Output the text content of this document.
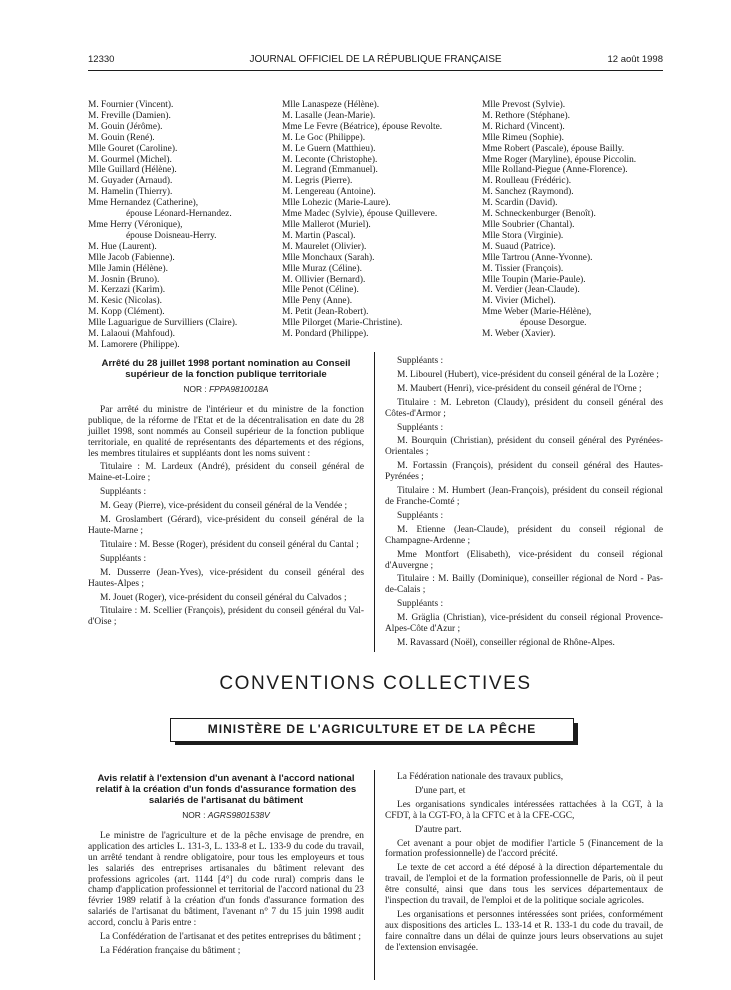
12330	JOURNAL OFFICIEL DE LA RÉPUBLIQUE FRANÇAISE	12 août 1998
M. Fournier (Vincent).
M. Freville (Damien).
M. Gouin (Jérôme).
M. Gouin (René).
Mlle Gouret (Caroline).
M. Gourmel (Michel).
Mlle Guillard (Hélène).
M. Guyader (Arnaud).
M. Hamelin (Thierry).
Mme Hernandez (Catherine),
épouse Léonard-Hernandez.
Mme Herry (Véronique),
épouse Doisneau-Herry.
M. Hue (Laurent).
Mlle Jacob (Fabienne).
Mlle Jamin (Hélène).
M. Josnin (Bruno).
M. Kerzazi (Karim).
M. Kesic (Nicolas).
M. Kopp (Clément).
Mlle Laguarigue de Survilliers (Claire).
M. Lalaoui (Mahfoud).
M. Lamorere (Philippe).
Mlle Lanaspeze (Hélène).
M. Lasalle (Jean-Marie).
Mme Le Fevre (Béatrice), épouse Revolte.
M. Le Goc (Philippe).
M. Le Guern (Matthieu).
M. Leconte (Christophe).
M. Legrand (Emmanuel).
M. Legris (Pierre).
M. Lengereau (Antoine).
Mlle Lohezic (Marie-Laure).
Mme Madec (Sylvie), épouse Quillevere.
Mlle Mallerot (Muriel).
M. Martin (Pascal).
M. Maurelet (Olivier).
Mlle Monchaux (Sarah).
Mlle Muraz (Céline).
M. Ollivier (Bernard).
Mlle Penot (Céline).
Mlle Peny (Anne).
M. Petit (Jean-Robert).
Mlle Pilorget (Marie-Christine).
M. Pondard (Philippe).
Mlle Prevost (Sylvie).
M. Rethore (Stéphane).
M. Richard (Vincent).
Mlle Rimeu (Sophie).
Mme Robert (Pascale), épouse Bailly.
Mme Roger (Maryline), épouse Piccolin.
Mlle Rolland-Piegue (Anne-Florence).
M. Roulleau (Frédéric).
M. Sanchez (Raymond).
M. Scardin (David).
M. Schneckenburger (Benoît).
Mlle Soubrier (Chantal).
Mlle Stora (Virginie).
M. Suaud (Patrice).
Mlle Tartrou (Anne-Yvonne).
M. Tissier (François).
Mlle Toupin (Marie-Paule).
M. Verdier (Jean-Claude).
M. Vivier (Michel).
Mme Weber (Marie-Hélène),
épouse Desorgue.
M. Weber (Xavier).
Arrêté du 28 juillet 1998 portant nomination au Conseil supérieur de la fonction publique territoriale
NOR : FPPA9810018A

Par arrêté du ministre de l'intérieur et du ministre de la fonction publique, de la réforme de l'Etat et de la décentralisation en date du 28 juillet 1998, sont nommés au Conseil supérieur de la fonction publique territoriale, en qualité de représentants des départements et des régions, les membres titulaires et suppléants dont les noms suivent :

Titulaire : M. Lardeux (André), président du conseil général de Maine-et-Loire ;

Suppléants :

M. Geay (Pierre), vice-président du conseil général de la Vendée ;

M. Groslambert (Gérard), vice-président du conseil général de la Haute-Marne ;

Titulaire : M. Besse (Roger), président du conseil général du Cantal ;

Suppléants :

M. Dusserre (Jean-Yves), vice-président du conseil général des Hautes-Alpes ;

M. Jouet (Roger), vice-président du conseil général du Calvados ;

Titulaire : M. Scellier (François), président du conseil général du Val-d'Oise ;

Suppléants :

M. Libourel (Hubert), vice-président du conseil général de la Lozère ;

M. Maubert (Henri), vice-président du conseil général de l'Orne ;

Titulaire : M. Lebreton (Claudy), président du conseil général des Côtes-d'Armor ;

Suppléants :

M. Bourquin (Christian), président du conseil général des Pyrénées-Orientales ;

M. Fortassin (François), président du conseil général des Hautes-Pyrénées ;

Titulaire : M. Humbert (Jean-François), président du conseil régional de Franche-Comté ;

Suppléants :

M. Etienne (Jean-Claude), président du conseil régional de Champagne-Ardenne ;

Mme Montfort (Elisabeth), vice-président du conseil régional d'Auvergne ;

Titulaire : M. Bailly (Dominique), conseiller régional de Nord - Pas-de-Calais ;

Suppléants :

M. Gräglia (Christian), vice-président du conseil régional Provence-Alpes-Côte d'Azur ;

M. Ravassard (Noël), conseiller régional de Rhône-Alpes.

CONVENTIONS COLLECTIVES
MINISTÈRE DE L'AGRICULTURE ET DE LA PÊCHE
Avis relatif à l'extension d'un avenant à l'accord national relatif à la création d'un fonds d'assurance formation des salariés de l'artisanat du bâtiment
NOR : AGRS9801538V

Le ministre de l'agriculture et de la pêche envisage de prendre, en application des articles L. 131-3, L. 133-8 et L. 133-9 du code du travail, un arrêté tendant à rendre obligatoire, pour tous les employeurs et tous les salariés des entreprises artisanales du bâtiment relevant des professions agricoles (art. 1144 [4°] du code rural) compris dans le champ d'application professionnel et territorial de l'accord national du 23 février 1989 relatif à la création d'un fonds d'assurance formation des salariés de l'artisanat du bâtiment, l'avenant n° 7 du 15 juin 1998 audit accord, conclu à Paris entre :

La Confédération de l'artisanat et des petites entreprises du bâtiment ;

La Fédération française du bâtiment ;

La Fédération nationale des travaux publics,

D'une part, et

Les organisations syndicales intéressées rattachées à la CGT, à la CFDT, à la CGT-FO, à la CFTC et à la CFE-CGC,

D'autre part.

Cet avenant a pour objet de modifier l'article 5 (Financement de la formation professionnelle) de l'accord précité.

Le texte de cet accord a été déposé à la direction départementale du travail, de l'emploi et de la formation professionnelle de Paris, où il peut être consulté, ainsi que dans tous les services départementaux de l'inspection du travail, de l'emploi et de la politique sociale agricoles.

Les organisations et personnes intéressées sont priées, conformément aux dispositions des articles L. 133-14 et R. 133-1 du code du travail, de faire connaître dans un délai de quinze jours leurs observations au sujet de l'extension envisagée.
